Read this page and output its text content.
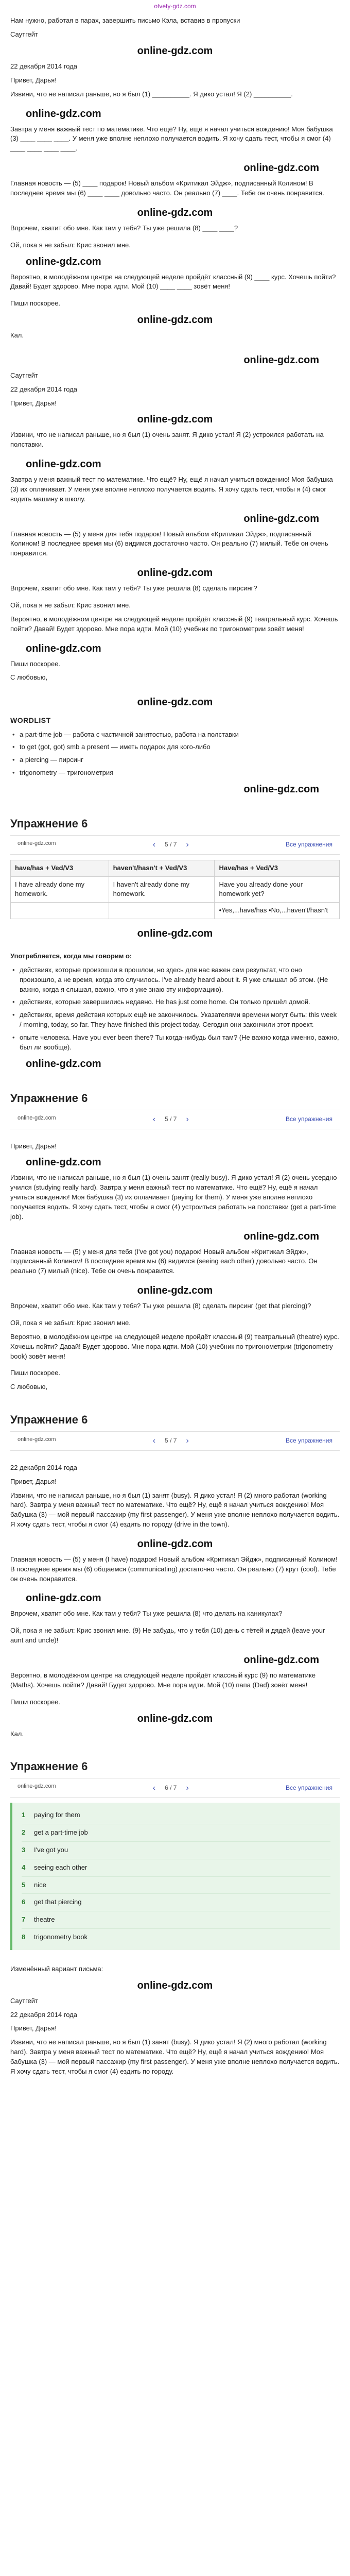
otvetу-gdz.com

Нам нужно, работая в парах, завершить письмо Кэла, вставив в пропуски

Саутгейт

online-gdz.com

22 декабря 2014 года

Привет, Дарья!

Извини, что не написал раньше, но я был (1) __________. Я дико устал! Я (2) __________.

online-gdz.com

Завтра у меня важный тест по математике. Что ещё? Ну, ещё я начал учиться вождению! Моя бабушка (3) ____ ____ ____. У меня уже вполне неплохо получается водить. Я хочу сдать тест, чтобы я смог (4) ____ ____ ____ ____.

online-gdz.com

Главная новость — (5) ____ подарок! Новый альбом «Критикал Эйдж», подписанный Колином! В последнее время мы (6) ____ ____ довольно часто. Он реально (7) ____. Тебе он очень понравится.

online-gdz.com

Впрочем, хватит обо мне. Как там у тебя? Ты уже решила (8) ____ ____?

Ой, пока я не забыл: Крис звонил мне.

online-gdz.com

Вероятно, в молодёжном центре на следующей неделе пройдёт классный (9) ____ курс. Хочешь пойти? Давай! Будет здорово. Мне пора идти. Мой (10) ____ ____ зовёт меня!

Пиши поскорее.

online-gdz.com

Кал.

online-gdz.com

Саутгейт

22 декабря 2014 года

Привет, Дарья!

online-gdz.com

Извини, что не написал раньше, но я был (1) очень занят. Я дико устал! Я (2) устроился работать на полставки.

online-gdz.com

Завтра у меня важный тест по математике. Что ещё? Ну, ещё я начал учиться вождению! Моя бабушка (3) их оплачивает. У меня уже вполне неплохо получается водить. Я хочу сдать тест, чтобы я (4) смог водить машину в школу.

online-gdz.com

Главная новость — (5) у меня для тебя подарок! Новый альбом «Критикал Эйдж», подписанный Колином! В последнее время мы (6) видимся достаточно часто. Он реально (7) милый. Тебе он очень понравится.

online-gdz.com

Впрочем, хватит обо мне. Как там у тебя? Ты уже решила (8) сделать пирсинг?

Ой, пока я не забыл: Крис звонил мне.

Вероятно, в молодёжном центре на следующей неделе пройдёт классный (9) театральный курс. Хочешь пойти? Давай! Будет здорово. Мне пора идти. Мой (10) учебник по тригонометрии зовёт меня!

online-gdz.com

Пиши поскорее.

С любовью,

online-gdz.com
WORDLIST
• a part-time job — работа с частичной занятостью, работа на полставки
• to get (got, got) smb a present — иметь подарок для кого-либо
• a piercing — пирсинг
• trigonometry — тригонометрия
online-gdz.com
Упражнение 6
online-gdz.com	‹ 5 / 7 ›	Все упражнения
have/has + Ved/V3	haven't/hasn't + Ved/V3	Have/has + Ved/V3
I have already done my homework.	I haven't already done my homework.	Have you already done your homework yet?
		•Yes,...have/has •No,...haven't/hasn't
online-gdz.com

Употребляется, когда мы говорим о:

• действиях, которые произошли в прошлом, но здесь для нас важен сам результат, что оно произошло, а не время, когда это случилось. I've already heard about it. Я уже слышал об этом. (Не важно, когда я слышал, важно, что я уже знаю эту информацию).
• действиях, которые завершились недавно. He has just come home. Он только пришёл домой.
• действиях, время действия которых ещё не закончилось. Указателями времени могут быть: this week / morning, today, so far. They have finished this project today. Сегодня они закончили этот проект.
• опыте человека. Have you ever been there? Ты когда-нибудь был там? (Не важно когда именно, важно, был ли вообще).
online-gdz.com
Упражнение 6
online-gdz.com	‹ 5 / 7 ›	Все упражнения

Привет, Дарья!

online-gdz.com

Извини, что не написал раньше, но я был (1) очень занят (really busy). Я дико устал! Я (2) очень усердно учился (studying really hard). Завтра у меня важный тест по математике. Что ещё? Ну, ещё я начал учиться вождению! Моя бабушка (3) их оплачивает (paying for them). У меня уже вполне неплохо получается водить. Я хочу сдать тест, чтобы я смог (4) устроиться работать на полставки (get a part-time job).

online-gdz.com

Главная новость — (5) у меня для тебя (I've got you) подарок! Новый альбом «Критикал Эйдж», подписанный Колином! В последнее время мы (6) видимся (seeing each other) довольно часто. Он реально (7) милый (nice). Тебе он очень понравится.

online-gdz.com

Впрочем, хватит обо мне. Как там у тебя? Ты уже решила (8) сделать пирсинг (get that piercing)?

Ой, пока я не забыл: Крис звонил мне.

Вероятно, в молодёжном центре на следующей неделе пройдёт классный (9) театральный (theatre) курс. Хочешь пойти? Давай! Будет здорово. Мне пора идти. Мой (10) учебник по тригонометрии (trigonometry book) зовёт меня!

Пиши поскорее.

С любовью,

Упражнение 6
online-gdz.com	‹ 5 / 7 ›	Все упражнения

22 декабря 2014 года

Привет, Дарья!

Извини, что не написал раньше, но я был (1) занят (busy). Я дико устал! Я (2) много работал (working hard). Завтра у меня важный тест по математике. Что ещё? Ну, ещё я начал учиться вождению! Моя бабушка (3) — мой первый пассажир (my first passenger). У меня уже вполне неплохо получается водить. Я хочу сдать тест, чтобы я смог (4) ездить по городу (drive in the town).

online-gdz.com

Главная новость — (5) у меня (I have) подарок! Новый альбом «Критикал Эйдж», подписанный Колином! В последнее время мы (6) общаемся (communicating) достаточно часто. Он реально (7) крут (cool). Тебе он очень понравится.

online-gdz.com

Впрочем, хватит обо мне. Как там у тебя? Ты уже решила (8) что делать на каникулах?

Ой, пока я не забыл: Крис звонил мне. (9) Не забудь, что у тебя (10) день с тётей и дядей (leave your aunt and uncle)!

online-gdz.com

Вероятно, в молодёжном центре на следующей неделе пройдёт классный курс (9) по математике (Maths). Хочешь пойти? Давай! Будет здорово. Мне пора идти. Мой (10) папа (Dad) зовёт меня!

Пиши поскорее.

online-gdz.com

Кал.

Упражнение 6
online-gdz.com	‹ 6 / 7 ›	Все упражнения
1	paying for them
2	get a part-time job
3	I've got you
4	seeing each other
5	nice
6	get that piercing
7	theatre
8	trigonometry book

Изменённый вариант письма:

online-gdz.com

Саутгейт

22 декабря 2014 года

Привет, Дарья!

Извини, что не написал раньше, но я был (1) занят (busy). Я дико устал! Я (2) много работал (working hard). Завтра у меня важный тест по математике. Что ещё? Ну, ещё я начал учиться вождению! Моя бабушка (3) — мой первый пассажир (my first passenger). У меня уже вполне неплохо получается водить. Я хочу сдать тест, чтобы я смог (4) ездить по городу.
